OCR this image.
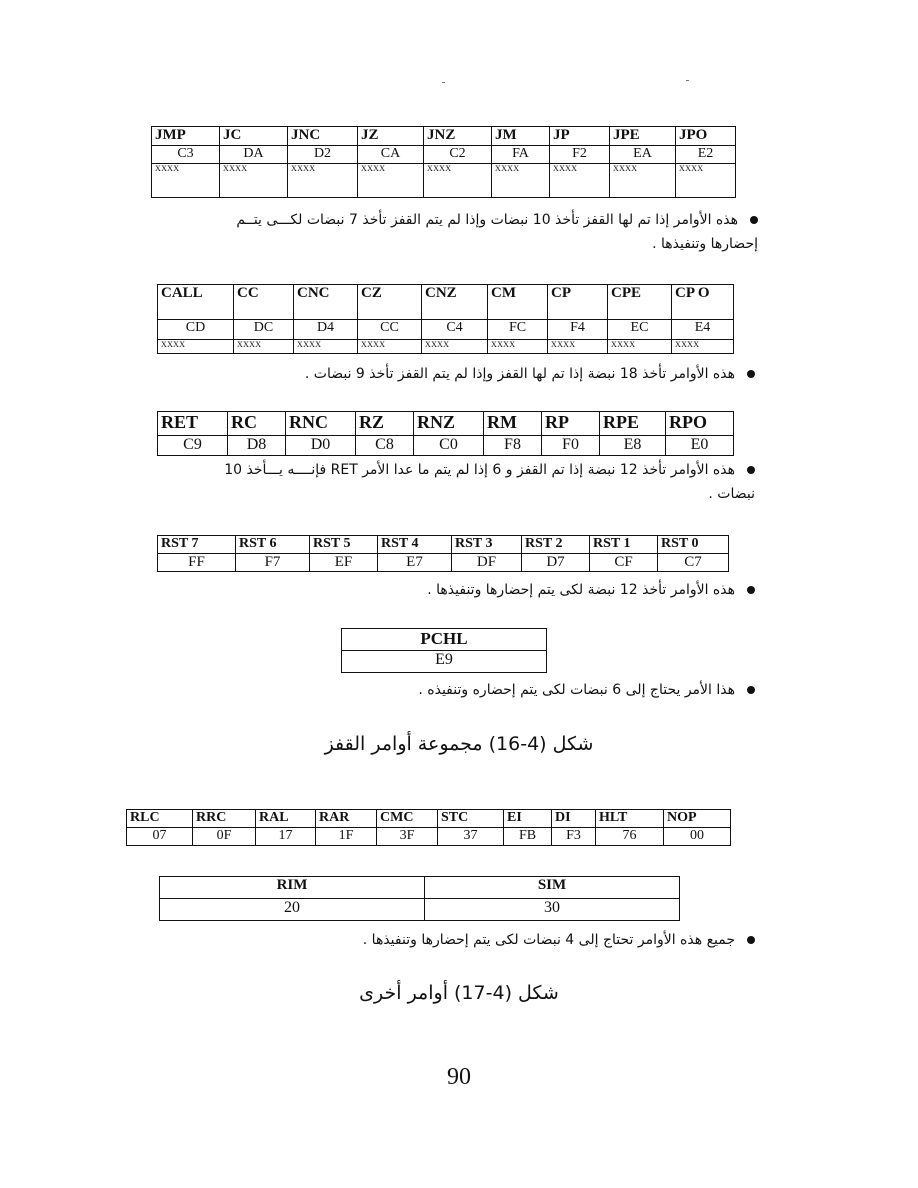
JMP	JC	JNC	JZ	JNZ	JM	JP	JPE	JPO
C3	DA	D2	CA	C2	FA	F2	EA	E2
XXXX	XXXX	XXXX	XXXX	XXXX	XXXX	XXXX	XXXX	XXXX
هذه الأوامر إذا تم لها القفز تأخذ 10 نبضات وإذا لم يتم القفز تأخذ 7 نبضات لكـــى يتــم
إحضارها وتنفيذها .
CALL	CC	CNC	CZ	CNZ	CM	CP	CPE	CP O
CD	DC	D4	CC	C4	FC	F4	EC	E4
XXXX	XXXX	XXXX	XXXX	XXXX	XXXX	XXXX	XXXX	XXXX
هذه الأوامر تأخذ 18 نبضة إذا تم لها القفز وإذا لم يتم القفز تأخذ 9 نبضات .
RET	RC	RNC	RZ	RNZ	RM	RP	RPE	RPO
C9	D8	D0	C8	C0	F8	F0	E8	E0
هذه الأوامر تأخذ 12 نبضة إذا تم القفز و 6 إذا لم يتم ما عدا الأمر RET فإنــــه يـــأخذ 10
نبضات .
RST 7	RST 6	RST 5	RST 4	RST 3	RST 2	RST 1	RST 0
FF	F7	EF	E7	DF	D7	CF	C7
هذه الأوامر تأخذ 12 نبضة لكى يتم إحضارها وتنفيذها .
PCHL
E9
هذا الأمر يحتاج إلى 6 نبضات لكى يتم إحضاره وتنفيذه .
شكل (4-16) مجموعة أوامر القفز
RLC	RRC	RAL	RAR	CMC	STC	EI	DI	HLT	NOP
07	0F	17	1F	3F	37	FB	F3	76	00
RIM	SIM
20	30
جميع هذه الأوامر تحتاج إلى 4 نبضات لكى يتم إحضارها وتنفيذها .
شكل (4-17) أوامر أخرى
90
